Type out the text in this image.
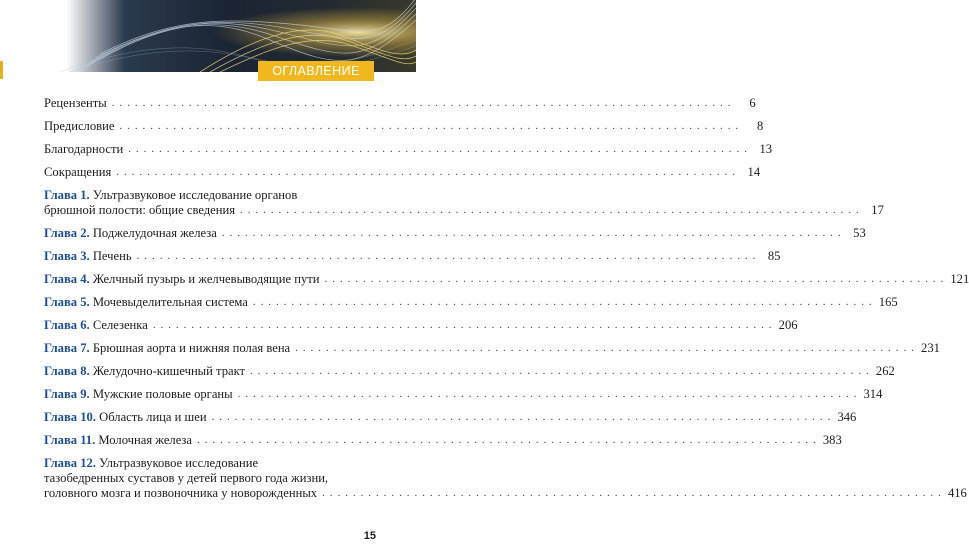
ОГЛАВЛЕНИЕ
Рецензенты . . . . . . . . . . . . . . . . . . . . . . . . . . . . . . . . . . . . . . . . . . . . . . . . . . . . . . . . . . . . . . . . . . . . . . . . . . . . . . . . .	6
Предисловие . . . . . . . . . . . . . . . . . . . . . . . . . . . . . . . . . . . . . . . . . . . . . . . . . . . . . . . . . . . . . . . . . . . . . . . . . . . . . . . . .	8
Благодарности . . . . . . . . . . . . . . . . . . . . . . . . . . . . . . . . . . . . . . . . . . . . . . . . . . . . . . . . . . . . . . . . . . . . . . . . . . . . . . . . . 13
Сокращения . . . . . . . . . . . . . . . . . . . . . . . . . . . . . . . . . . . . . . . . . . . . . . . . . . . . . . . . . . . . . . . . . . . . . . . . . . . . . . . . . 14
Глава 1.
Ультразвуковое исследование органов
брюшной полости: общие сведения . . . . . . . . . . . . . . . . . . . . . . . . . . . . . . . . . . . . . . . . . . . . . . . . . . . . . . . . . . . . . . . . . . . . . . . . . . . . . . . . . 17
Глава 2.
Поджелудочная железа . . . . . . . . . . . . . . . . . . . . . . . . . . . . . . . . . . . . . . . . . . . . . . . . . . . . . . . . . . . . . . . . . . . . . . . . . . . . . . . . . 53
Глава 3.
Печень . . . . . . . . . . . . . . . . . . . . . . . . . . . . . . . . . . . . . . . . . . . . . . . . . . . . . . . . . . . . . . . . . . . . . . . . . . . . . . . . . 85
Глава 4.
Желчный пузырь и желчевыводящие пути . . . . . . . . . . . . . . . . . . . . . . . . . . . . . . . . . . . . . . . . . . . . . . . . . . . . . . . . . . . . . . . . . . . . . . . . . . . . . . . . . 121
Глава 5.
Мочевыделительная система . . . . . . . . . . . . . . . . . . . . . . . . . . . . . . . . . . . . . . . . . . . . . . . . . . . . . . . . . . . . . . . . . . . . . . . . . . . . . . . . . 165
Глава 6.
Селезенка . . . . . . . . . . . . . . . . . . . . . . . . . . . . . . . . . . . . . . . . . . . . . . . . . . . . . . . . . . . . . . . . . . . . . . . . . . . . . . . . . 206
Глава 7.
Брюшная аорта и нижняя полая вена . . . . . . . . . . . . . . . . . . . . . . . . . . . . . . . . . . . . . . . . . . . . . . . . . . . . . . . . . . . . . . . . . . . . . . . . . . . . . . . . . 231
Глава 8.
Желудочно-кишечный тракт . . . . . . . . . . . . . . . . . . . . . . . . . . . . . . . . . . . . . . . . . . . . . . . . . . . . . . . . . . . . . . . . . . . . . . . . . . . . . . . . . 262
Глава 9.
Мужские половые органы . . . . . . . . . . . . . . . . . . . . . . . . . . . . . . . . . . . . . . . . . . . . . . . . . . . . . . . . . . . . . . . . . . . . . . . . . . . . . . . . . 314
Глава 10.
Область лица и шеи . . . . . . . . . . . . . . . . . . . . . . . . . . . . . . . . . . . . . . . . . . . . . . . . . . . . . . . . . . . . . . . . . . . . . . . . . . . . . . . . . 346
Глава 11.
Молочная железа . . . . . . . . . . . . . . . . . . . . . . . . . . . . . . . . . . . . . . . . . . . . . . . . . . . . . . . . . . . . . . . . . . . . . . . . . . . . . . . . . 383
Глава 12.
Ультразвуковое исследование
тазобедренных суставов у детей первого года жизни,
головного мозга и позвоночника у новорожденных . . . . . . . . . . . . . . . . . . . . . . . . . . . . . . . . . . . . . . . . . . . . . . . . . . . . . . . . . . . . . . . . . . . . . . . . . . . . . . . . . 416
15
